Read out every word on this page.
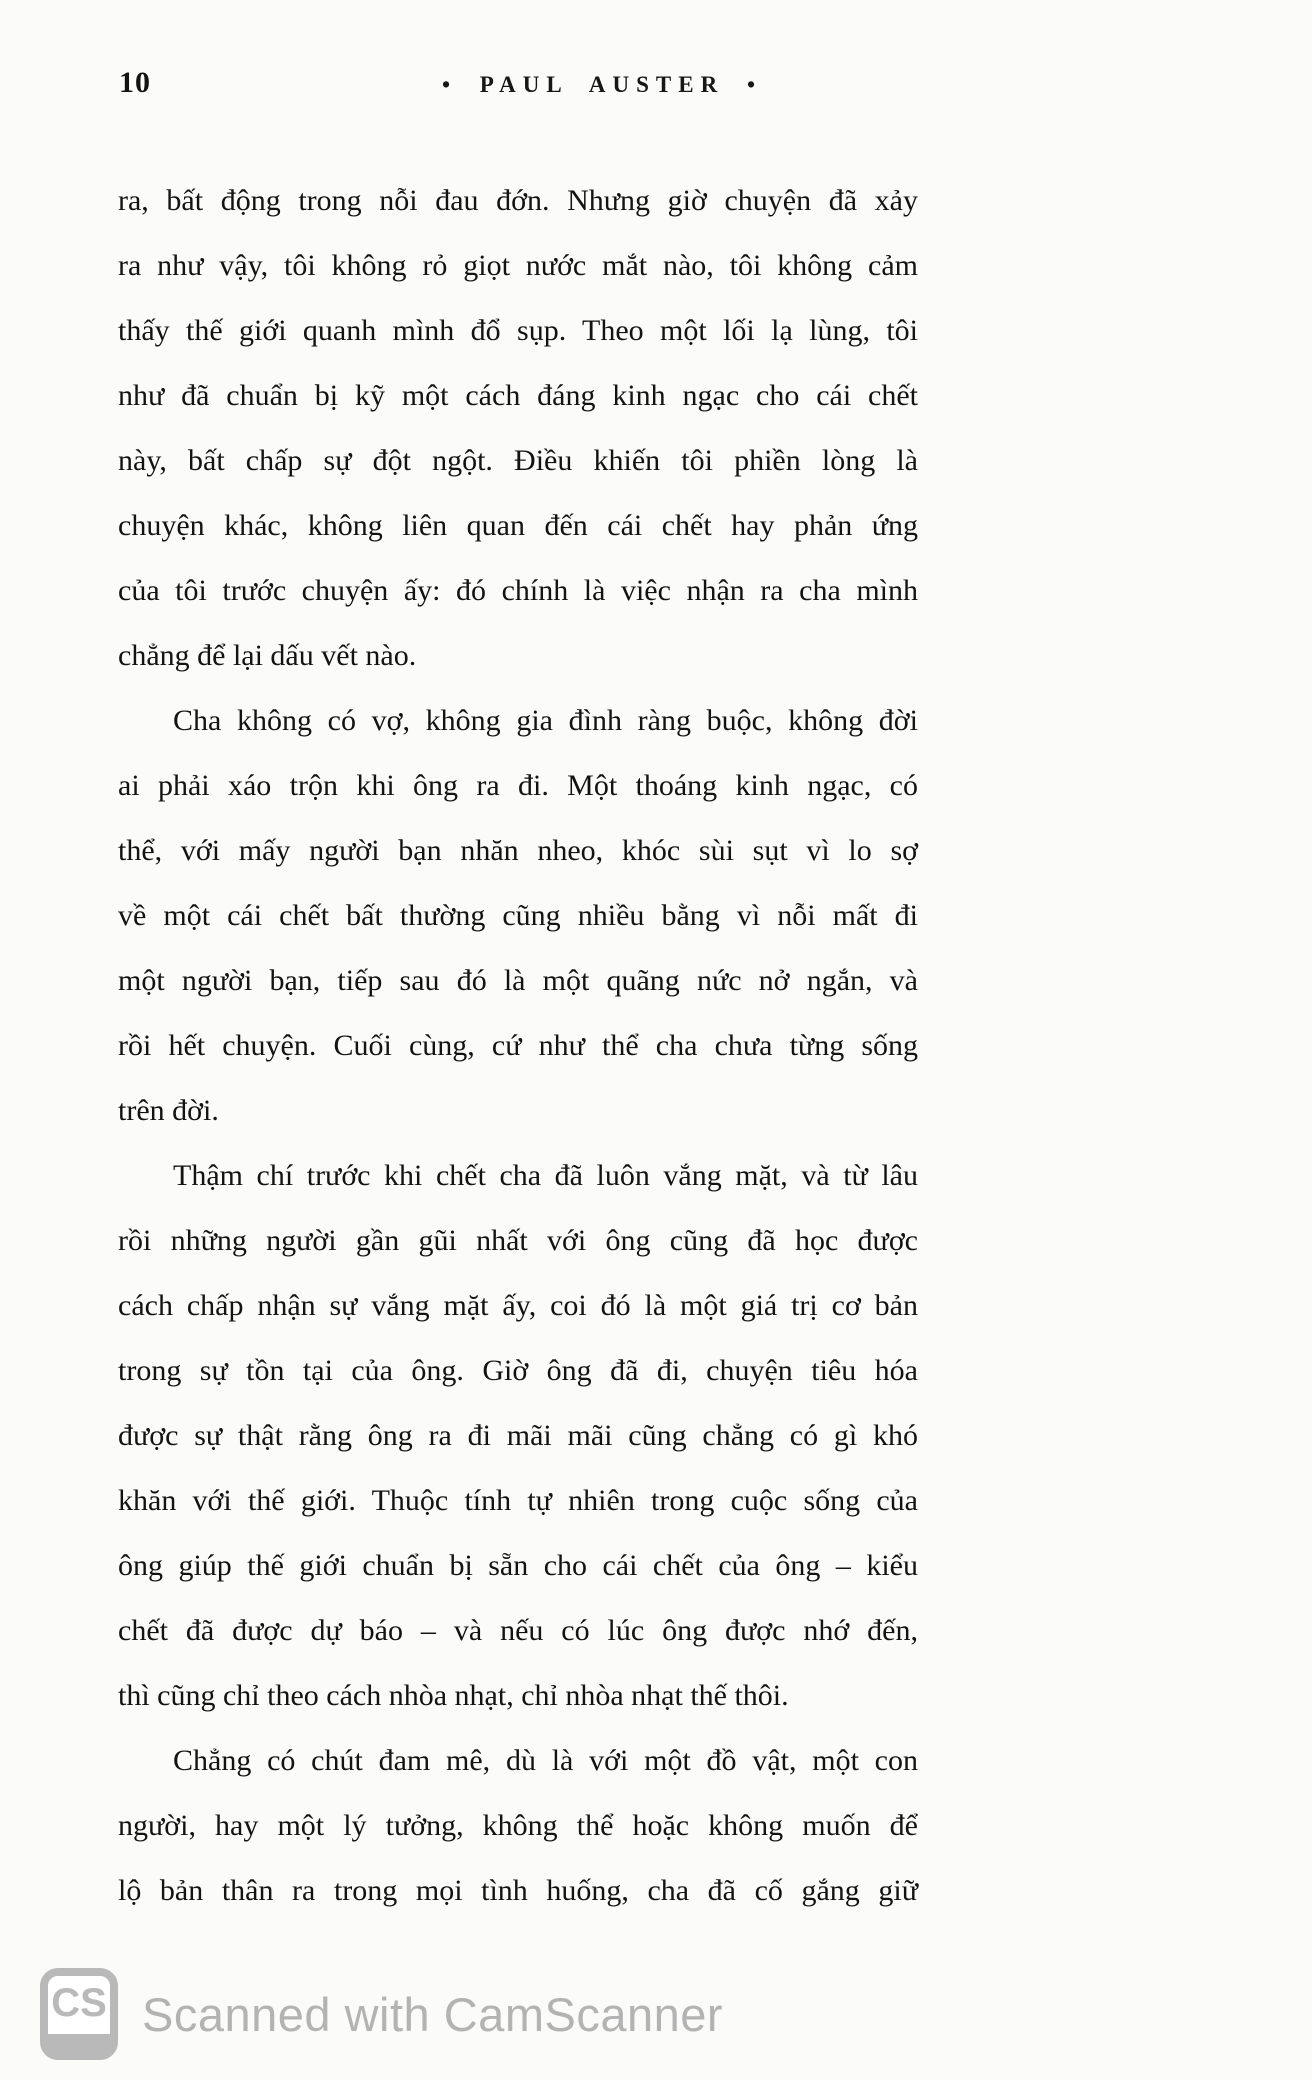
10	• PAUL AUSTER •
ra, bất động trong nỗi đau đớn. Nhưng giờ chuyện đã xảy
ra như vậy, tôi không rỏ giọt nước mắt nào, tôi không cảm
thấy thế giới quanh mình đổ sụp. Theo một lối lạ lùng, tôi
như đã chuẩn bị kỹ một cách đáng kinh ngạc cho cái chết
này, bất chấp sự đột ngột. Điều khiến tôi phiền lòng là
chuyện khác, không liên quan đến cái chết hay phản ứng
của tôi trước chuyện ấy: đó chính là việc nhận ra cha mình
chẳng để lại dấu vết nào.
Cha không có vợ, không gia đình ràng buộc, không đời
ai phải xáo trộn khi ông ra đi. Một thoáng kinh ngạc, có
thể, với mấy người bạn nhăn nheo, khóc sùi sụt vì lo sợ
về một cái chết bất thường cũng nhiều bằng vì nỗi mất đi
một người bạn, tiếp sau đó là một quãng nức nở ngắn, và
rồi hết chuyện. Cuối cùng, cứ như thể cha chưa từng sống
trên đời.
Thậm chí trước khi chết cha đã luôn vắng mặt, và từ lâu
rồi những người gần gũi nhất với ông cũng đã học được
cách chấp nhận sự vắng mặt ấy, coi đó là một giá trị cơ bản
trong sự tồn tại của ông. Giờ ông đã đi, chuyện tiêu hóa
được sự thật rằng ông ra đi mãi mãi cũng chẳng có gì khó
khăn với thế giới. Thuộc tính tự nhiên trong cuộc sống của
ông giúp thế giới chuẩn bị sẵn cho cái chết của ông – kiểu
chết đã được dự báo – và nếu có lúc ông được nhớ đến,
thì cũng chỉ theo cách nhòa nhạt, chỉ nhòa nhạt thế thôi.
Chẳng có chút đam mê, dù là với một đồ vật, một con
người, hay một lý tưởng, không thể hoặc không muốn để
lộ bản thân ra trong mọi tình huống, cha đã cố gắng giữ
CS Scanned with CamScanner
